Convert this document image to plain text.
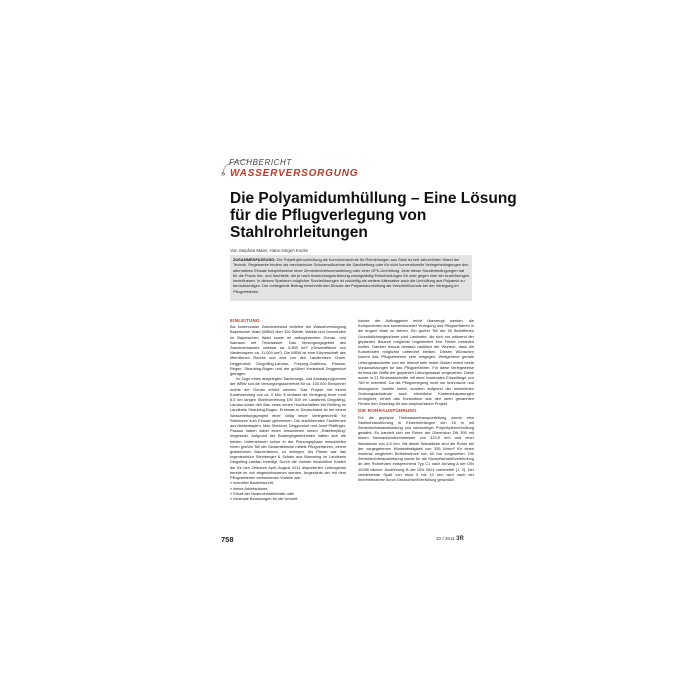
FACHBERICHT
» WASSERVERSORGUNG
Die Polyamidumhüllung – Eine Lösung für die Pflugverlegung von Stahlrohrleitungen
Von Stephan Maier, Hans-Jürgen Kocks
ZUSAMMENFASSUNG: Die Polyethylenumhüllung als Korrosionsschutz für Rohrleitungen aus Stahl ist seit Jahrzehnten Stand der Technik. Regelwerke fordern als mechanische Schutzmaßnahme die Sandbettung oder für nicht konventionelle Verlegebedingungen den alternativen Einsatz beispielsweise einer Zementmörtelummantelung oder einer GFK-Umhüllung. Jede dieser Sonderbedingungen hat für die Praxis Vor- und Nachteile, die je nach Anwendungserfahrung zwangsläufig Entscheidungen für oder gegen eine der Ausführungen beeinflussen. In diesem Spektrum möglicher Sonderlösungen ist zukünftig als weitere Alternative auch die Umhüllung aus Polyamid zu berücksichtigen. Der vorliegende Beitrag beschreibt den Einsatz der Polyamidumhüllung als Verschleißschutz bei der Verlegung im Pflugverfahren.
EINLEITUNG

Als kommunaler Zweckverband beliefert die Wasserversorgung Bayerischer Wald (WBW) über 300 Städte, Märkte und Gemeinden im Bayerischen Wald sowie im ostbayerischen Donau- und Isarraum mit Trinkwasser. Das Versorgungsgebiet des Zweckverbandes umfasst ca. 6.800 km² (Gesamtfläche von Niederbayern ca. 11.000 km²). Die WBW ist eine Körperschaft des öffentlichen Rechts und wird von den Landkreisen Cham, Deggendorf, Dingolfing-Landau, Freyung-Grafenau, Passau, Regen, Straubing-Bogen und der größten Kreisstadt Deggendorf getragen.

Im Zuge eines aufgelegten Sanierungs- und Ausbauprogramms der WBW soll die Versorgungssicherheit für ca. 100.000 Einwohner rechts der Donau erhöht werden. Das Projekt mit einem Kostenumfang von ca. 5 Mio. € umfasst die Verlegung einer rund 8,5 km langen Stahlrohrleitung DN 300 im Landkreis Dingolfing-Landau sowie den Bau eines neuen Hochbehälters bei Reißing im Landkreis Straubing-Bogen. Erstmals in Deutschland ist bei einem Wasserleitungsprojekt einer völlig neuer Verlegetechnik für Stahlrohre zum Einsatz gekommen. Die ausführenden Fachfirmen aus Niederbayern, Max Streicher, Deggendorf und Josef Pfaffinger, Passau haben dabei einen besonderen neuen „Raketenpflug“ eingesetzt. Aufgrund der Bodengegebenheiten hatten sich die beiden Unternehmen schon in der Planungsphase entschieden einen großen Teil der Gesamtstrecke mittels Pflugverfahren, einem grabenlosen Bauverfahren, zu verlegen. Als Planer war das Ingenieurbüro Steinberger & Schatz aus Mamming im Landkreis Dingolfing-Landau beteiligt. Durch die Vorteile hinsichtlich Kosten der für den Zeitraum April–August 2011 disponierten Leitungsbau bereits im voll abgeschlossenen werden. Angesichts der mit dem Pflugverfahren verbundenen Vorteile wie:

» schneller Baufortschritt,

» kleine Arbeitsräume,

» Erhalt der Bodencharakteristik oder

» minimale Belastungen für die Umwelt

konnte der Auftraggeber leicht überzeugt werden, die Komponenten aus konventioneller Verlegung und Pflugverfahren in die engere Wahl zu ziehen. Ein großer Teil der 90 Betroffenen Grundstückseigentümer sind Landwirte, die sich nur während der geplanten Bauzeit möglichst ungehindert ihre Felder bestellen wollen. Darüber hinaus bestand natürlich der Wunsch, dass die Kulturböden möglichst unberührt bleiben. Diesen Wünschen kommt das Pflugverfahren sehr entgegen. Weitgehend gerade Leitungsabschnitte und ein überall sehr fester Boden boten beste Voraussetzungen für das Pflugverfahren. Für diese Verlegeweise ist etwa die Hälfte der geplanten Leitungstrasse vorgesehen. Diese wurde in 21 Einzelabschnitte mit einer maximalen Einzellänge von 760 m unterteilt. Da die Pflugverlegung nicht nur technische und ökologische Vorteile bietet, sondern aufgrund der minimierten Grabungsaufwände auch erhebliche Kosteneinsparungen ermöglicht, erhielt das Konsortium aus den oben genannten Firmen den Zuschlag für das ampirachische Projekt.

DIE ROHRAUSFÜHRUNG

Für die geplante Trinkwassertransportleitung wurde eine Stahlrohrausführung in Einzelrohrlängen von 16 m mit Zementmörtelauskleidung und werkseitiger Polyethylenumhüllung gewählt. Es handelt sich um Rohre der Dimension DN 300 mit einem Nennaußendurchmesser von 323,9 mm und einer Wanddicke von 4,5 mm. Mit dieser Wanddicke sind die Rohre bei der vorgegebenen Mindestfestigkeit von 355 N/mm² für einen maximal möglichen Betriebsdruck von 60 bar vorgesehen. Die Zementmörtelauskleidung wurde für die Stumpfschweißverbindung an den Rohrenden entsprechend Typ C1 nach Anhang A der DIN 10298 bildern. Ausführung B der DIN 2614 vorbereitet [1, 2]. Der verbleibende Spalt von etwa 5 bis 10 mm wird nach der Inbetriebnahme durch Deckschicht/Verfüllung geschützt.

758	10 / 2011 3R
